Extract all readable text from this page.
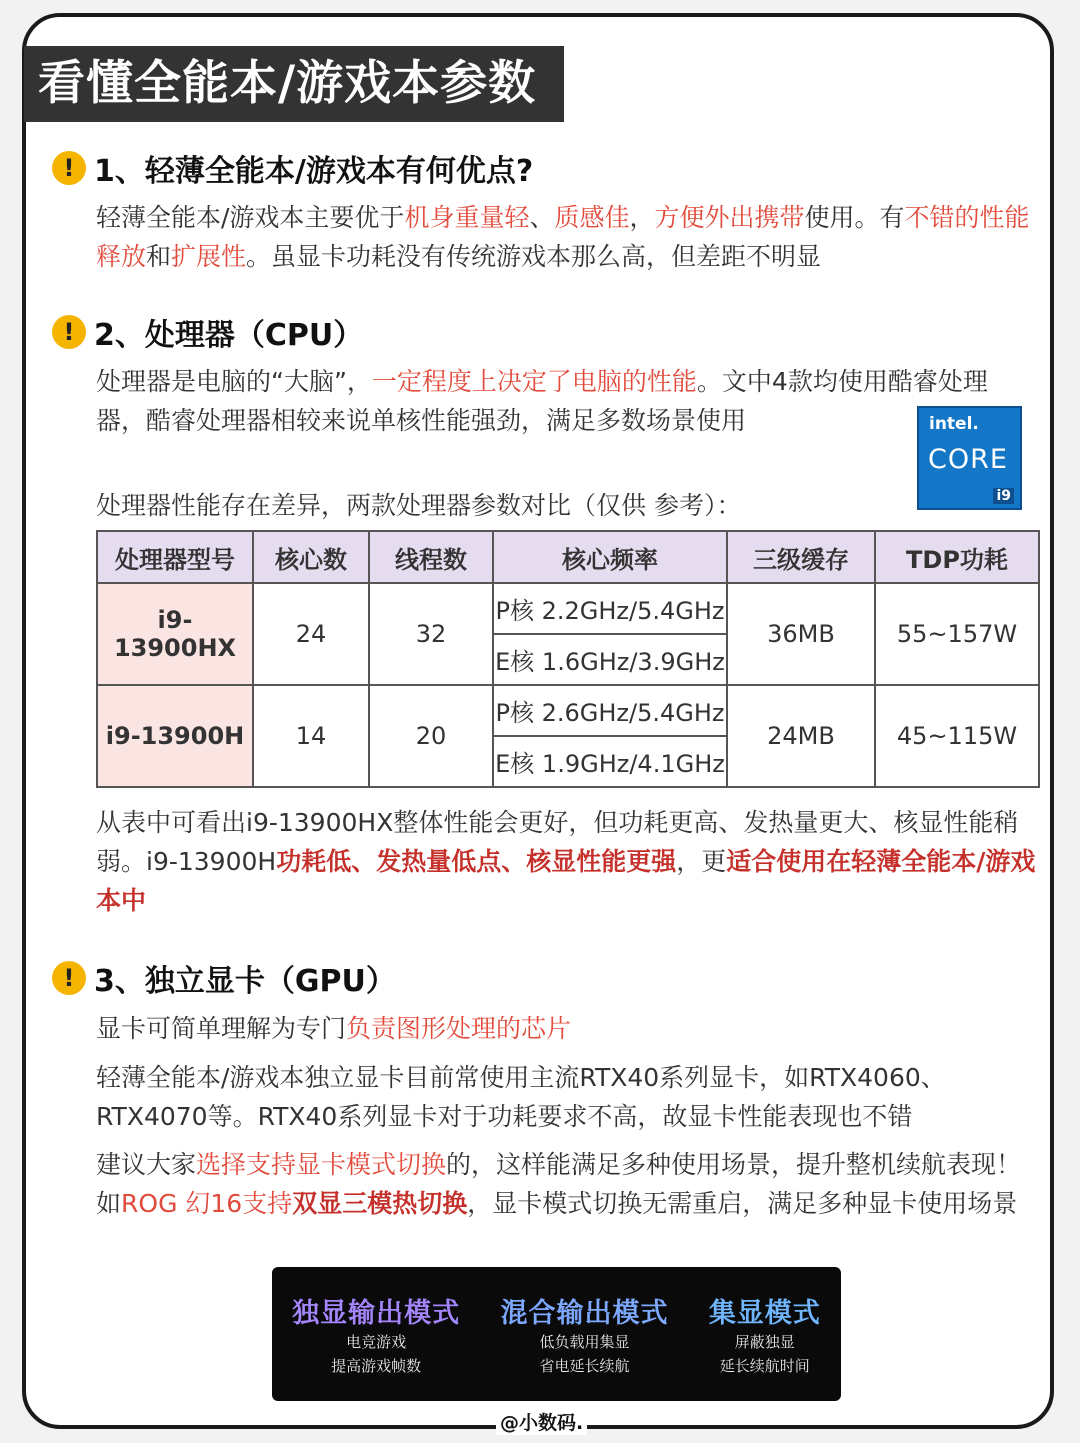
看懂全能本/游戏本参数
! 1、轻薄全能本/游戏本有何优点?
轻薄全能本/游戏本主要优于机身重量轻、质感佳，方便外出携带使用。有不错的性能释放和扩展性。虽显卡功耗没有传统游戏本那么高，但差距不明显
! 2、处理器（CPU）
处理器是电脑的“大脑”，一定程度上决定了电脑的性能。文中4款均使用酷睿处理器，酷睿处理器相较来说单核性能强劲，满足多数场景使用	intel.
CORE
i9
处理器性能存在差异，两款处理器参数对比（仅供 参考）：
处理器型号	核心数	线程数	核心频率	三级缓存	TDP功耗
i9-13900HX	24	32	P核 2.2GHz/5.4GHz	36MB	55~157W
			E核 1.6GHz/3.9GHz		
i9-13900H	14	20	P核 2.6GHz/5.4GHz	24MB	45~115W
			E核 1.9GHz/4.1GHz		
从表中可看出i9-13900HX整体性能会更好，但功耗更高、发热量更大、核显性能稍弱。i9-13900H功耗低、发热量低点、核显性能更强，更适合使用在轻薄全能本/游戏本中
! 3、独立显卡（GPU）
显卡可简单理解为专门负责图形处理的芯片
轻薄全能本/游戏本独立显卡目前常使用主流RTX40系列显卡，如RTX4060、RTX4070等。RTX40系列显卡对于功耗要求不高，故显卡性能表现也不错
建议大家选择支持显卡模式切换的，这样能满足多种使用场景，提升整机续航表现！如ROG 幻16支持双显三模热切换，显卡模式切换无需重启，满足多种显卡使用场景
独显输出模式
电竞游戏
提高游戏帧数
混合输出模式
低负载用集显
省电延长续航
集显模式
屏蔽独显
延长续航时间
@小数码.
